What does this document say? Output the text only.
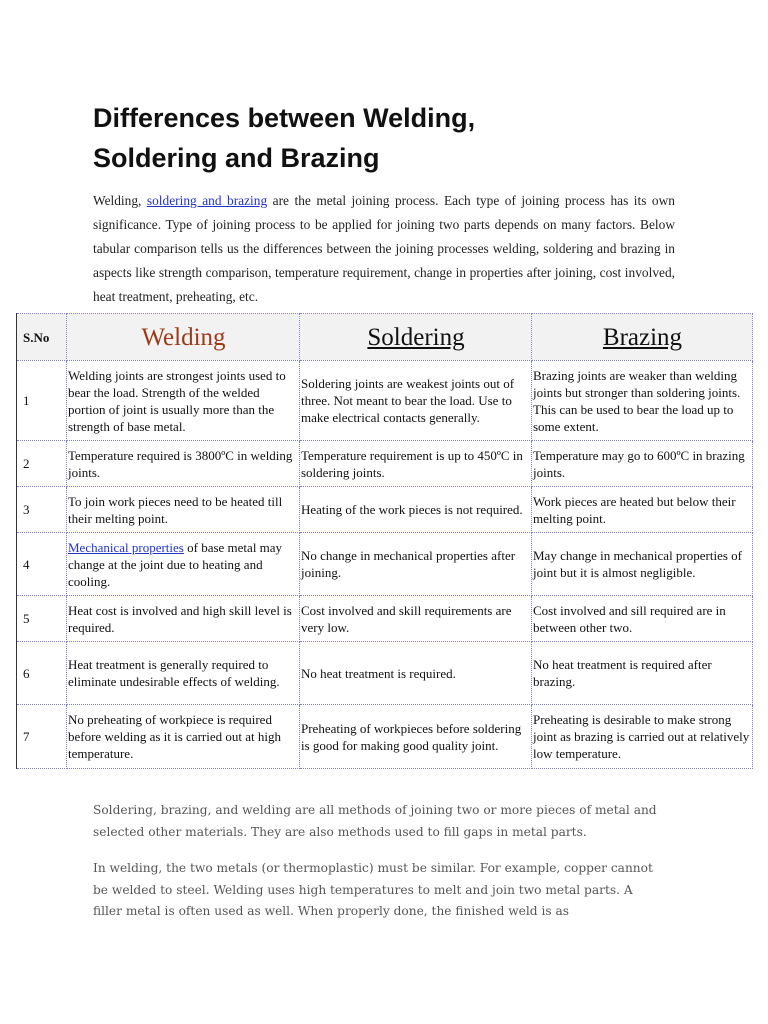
Differences between Welding,
Soldering and Brazing
Welding, soldering and brazing are the metal joining process. Each type of joining process has its own significance. Type of joining process to be applied for joining two parts depends on many factors. Below tabular comparison tells us the differences between the joining processes welding, soldering and brazing in aspects like strength comparison, temperature requirement, change in properties after joining, cost involved, heat treatment, preheating, etc.
S.No	Welding	Soldering	Brazing
1	Welding joints are strongest joints used to bear the load. Strength of the welded portion of joint is usually more than the strength of base metal.	Soldering joints are weakest joints out of three. Not meant to bear the load. Use to make electrical contacts generally.	Brazing joints are weaker than welding joints but stronger than soldering joints. This can be used to bear the load up to some extent.
2	Temperature required is 3800ºC in welding joints.	Temperature requirement is up to 450ºC in soldering joints.	Temperature may go to 600ºC in brazing joints.
3	To join work pieces need to be heated till their melting point.	Heating of the work pieces is not required.	Work pieces are heated but below their melting point.
4	Mechanical properties of base metal may change at the joint due to heating and cooling.	No change in mechanical properties after joining.	May change in mechanical properties of joint but it is almost negligible.
5	Heat cost is involved and high skill level is required.	Cost involved and skill requirements are very low.	Cost involved and sill required are in between other two.
6	Heat treatment is generally required to eliminate undesirable effects of welding.	No heat treatment is required.	No heat treatment is required after brazing.
7	No preheating of workpiece is required before welding as it is carried out at high temperature.	Preheating of workpieces before soldering is good for making good quality joint.	Preheating is desirable to make strong joint as brazing is carried out at relatively low temperature.
Soldering, brazing, and welding are all methods of joining two or more pieces of metal and selected other materials. They are also methods used to fill gaps in metal parts.
In welding, the two metals (or thermoplastic) must be similar. For example, copper cannot be welded to steel. Welding uses high temperatures to melt and join two metal parts. A filler metal is often used as well. When properly done, the finished weld is as
